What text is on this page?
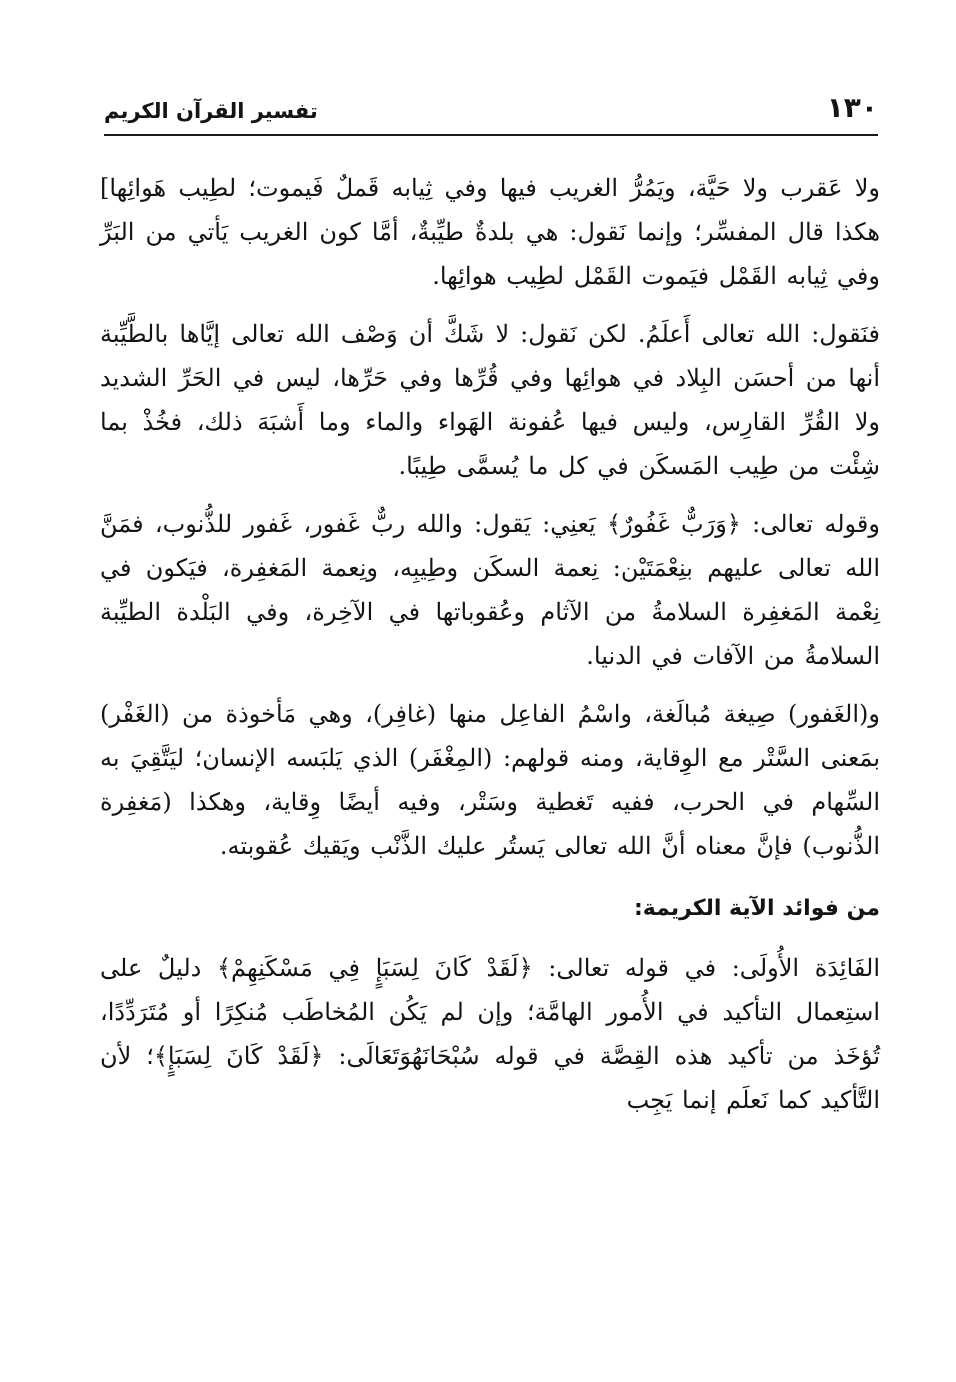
١٣٠
تفسير القرآن الكريم

ولا عَقرب ولا حَيَّة، ويَمُرُّ الغريب فيها وفي ثِيابه قَملٌ فَيموت؛ لطِيب هَوائِها] هكذا قال المفسِّر؛ وإنما نَقول: هي بلدةٌ طيِّبةٌ، أمَّا كون الغريب يَأتي من البَرِّ وفي ثِيابه القَمْل فيَموت القَمْل لطِيب هوائِها.

فنَقول: الله تعالى أَعلَمُ. لكن نَقول: لا شَكَّ أن وَصْف الله تعالى إيَّاها بالطَّيِّبة أنها من أحسَن البِلاد في هوائِها وفي قُرِّها وفي حَرِّها، ليس في الحَرِّ الشديد ولا القُرِّ القارِس، وليس فيها عُفونة الهَواء والماء وما أَشبَهَ ذلك، فخُذْ بما شِئْت من طِيب المَسكَن في كل ما يُسمَّى طِيبًا.

وقوله تعالى: ﴿وَرَبٌّ غَفُورٌ﴾ يَعنِي: يَقول: والله ربٌّ غَفور، غَفور للذُّنوب، فمَنَّ الله تعالى عليهم بنِعْمَتَيْن: نِعمة السكَن وطِيبِه، ونِعمة المَغفِرة، فيَكون في نِعْمة المَغفِرة السلامةُ من الآثام وعُقوباتها في الآخِرة، وفي البَلْدة الطيِّبة السلامةُ من الآفات في الدنيا.

و(الغَفور) صِيغة مُبالَغة، واسْمُ الفاعِل منها (غافِر)، وهي مَأخوذة من (الغَفْر) بمَعنى السَّتْر مع الوِقاية، ومنه قولهم: (المِغْفَر) الذي يَلبَسه الإنسان؛ ليَتَّقِيَ به السِّهام في الحرب، ففيه تَغطية وسَتْر، وفيه أيضًا وِقاية، وهكذا (مَغفِرة الذُّنوب) فإنَّ معناه أنَّ الله تعالى يَستُر عليك الذَّنْب ويَقيك عُقوبته.

من فوائد الآية الكريمة:

الفَائِدَة الأُولَى: في قوله تعالى: ﴿لَقَدْ كَانَ لِسَبَإٍ فِي مَسْكَنِهِمْ﴾ دليلٌ على استِعمال التأكيد في الأُمور الهامَّة؛ وإن لم يَكُن المُخاطَب مُنكِرًا أو مُتَرَدِّدًا، تُؤخَذ من تأكيد هذه القِصَّة في قوله سُبْحَانَهُوَتَعَالَى: ﴿لَقَدْ كَانَ لِسَبَإٍ﴾؛ لأن التَّأكيد كما نَعلَم إنما يَجِب
